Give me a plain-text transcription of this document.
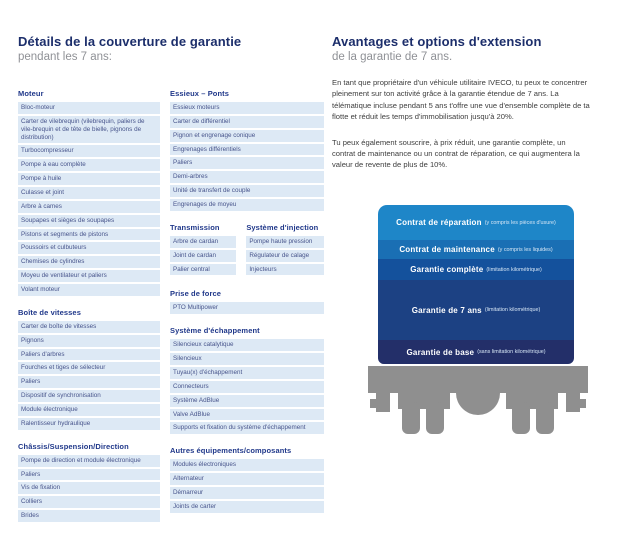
Détails de la couverture de garantie
pendant les 7 ans:
Moteur
Bloc-moteur
Carter de vilebrequin (vilebrequin, paliers de vile-brequin et de tête de bielle, pignons de distribution)
Turbocompresseur
Pompe à eau complète
Pompe à huile
Culasse et joint
Arbre à cames
Soupapes et sièges de soupapes
Pistons et segments de pistons
Poussoirs et culbuteurs
Chemises de cylindres
Moyeu de ventilateur et paliers
Volant moteur
Boîte de vitesses
Carter de boîte de vitesses
Pignons
Paliers d'arbres
Fourches et tiges de sélecteur
Paliers
Dispositif de synchronisation
Module électronique
Ralentisseur hydraulique
Châssis/Suspension/Direction
Pompe de direction et module électronique
Paliers
Vis de fixation
Colliers
Brides
Essieux – Ponts
Essieux moteurs
Carter de différentiel
Pignon et engrenage conique
Engrenages différentiels
Paliers
Demi-arbres
Unité de transfert de couple
Engrenages de moyeu
Transmission
Arbre de cardan
Joint de cardan
Palier central
Système d'injection
Pompe haute pression
Régulateur de calage
Injecteurs
Prise de force
PTO Multipower
Système d'échappement
Silencieux catalytique
Silencieux
Tuyau(x) d'échappement
Connecteurs
Système AdBlue
Valve AdBlue
Supports et fixation du système d'échappement
Autres équipements/composants
Modules électroniques
Alternateur
Démarreur
Joints de carter
Avantages et options d'extension
de la garantie de 7 ans.
En tant que propriétaire d'un véhicule utilitaire IVECO, tu peux te concentrer pleinement sur ton activité grâce à la garantie étendue de 7 ans. La télématique incluse pendant 5 ans t'offre une vue d'ensemble complète de ta flotte et réduit les temps d'immobilisation jusqu'à 20%.
Tu peux également souscrire, à prix réduit, une garantie complète, un contrat de maintenance ou un contrat de réparation, ce qui augmentera la valeur de revente de plus de 10%.
Contrat de réparation (y compris les pièces d'usure)
Contrat de maintenance (y compris les liquides)
Garantie complète (limitation kilométrique)
Garantie de 7 ans (limitation kilométrique)
Garantie de base (sans limitation kilométrique)
